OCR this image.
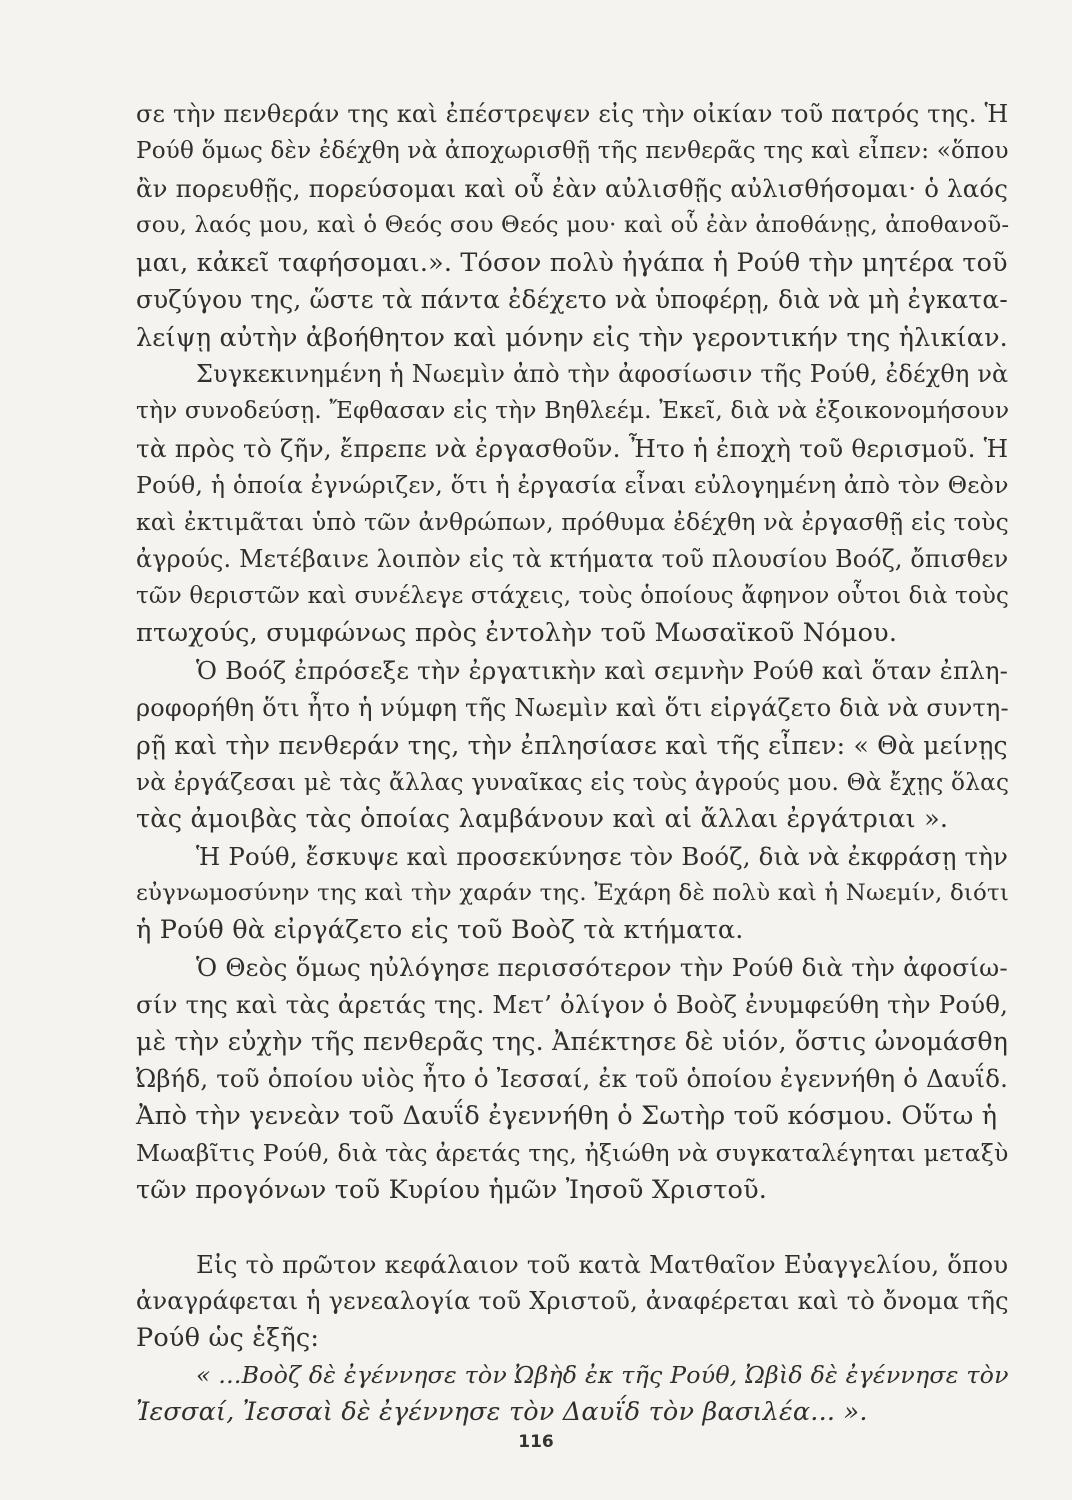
σε τὴν πενθεράν της καὶ ἐπέστρεψεν εἰς τὴν οἰκίαν τοῦ πατρός της. Ἡ
Ρούθ ὅμως δὲν ἐδέχθη νὰ ἀποχωρισθῇ τῆς πενθερᾶς της καὶ εἶπεν: «ὅπου
ἂν πορευθῇς, πορεύσομαι καὶ οὗ ἐὰν αὐλισθῇς αὐλισθήσομαι· ὁ λαός
σου, λαός μου, καὶ ὁ Θεός σου Θεός μου· καὶ οὗ ἐὰν ἀποθάνῃς, ἀποθανοῦ-
μαι, κἀκεῖ ταφήσομαι.». Τόσον πολὺ ἠγάπα ἡ Ρούθ τὴν μητέρα τοῦ
συζύγου της, ὥστε τὰ πάντα ἐδέχετο νὰ ὑποφέρῃ, διὰ νὰ μὴ ἐγκατα-
λείψῃ αὐτὴν ἀβοήθητον καὶ μόνην εἰς τὴν γεροντικήν της ἡλικίαν.
Συγκεκινημένη ἡ Νωεμὶν ἀπὸ τὴν ἀφοσίωσιν τῆς Ρούθ, ἐδέχθη νὰ
τὴν συνοδεύσῃ. Ἔφθασαν εἰς τὴν Βηθλεέμ. Ἐκεῖ, διὰ νὰ ἐξοικονομήσουν
τὰ πρὸς τὸ ζῆν, ἔπρεπε νὰ ἐργασθοῦν. Ἦτο ἡ ἐποχὴ τοῦ θερισμοῦ. Ἡ
Ρούθ, ἡ ὁποία ἐγνώριζεν, ὅτι ἡ ἐργασία εἶναι εὐλογημένη ἀπὸ τὸν Θεὸν
καὶ ἐκτιμᾶται ὑπὸ τῶν ἀνθρώπων, πρόθυμα ἐδέχθη νὰ ἐργασθῇ εἰς τοὺς
ἀγρούς. Μετέβαινε λοιπὸν εἰς τὰ κτήματα τοῦ πλουσίου Βοόζ, ὄπισθεν
τῶν θεριστῶν καὶ συνέλεγε στάχεις, τοὺς ὁποίους ἄφηνον οὗτοι διὰ τοὺς
πτωχούς, συμφώνως πρὸς ἐντολὴν τοῦ Μωσαϊκοῦ Νόμου.
Ὁ Βοόζ ἐπρόσεξε τὴν ἐργατικὴν καὶ σεμνὴν Ρούθ καὶ ὅταν ἐπλη-
ροφορήθη ὅτι ἦτο ἡ νύμφη τῆς Νωεμὶν καὶ ὅτι εἰργάζετο διὰ νὰ συντη-
ρῇ καὶ τὴν πενθεράν της, τὴν ἐπλησίασε καὶ τῆς εἶπεν: « Θὰ μείνῃς
νὰ ἐργάζεσαι μὲ τὰς ἄλλας γυναῖκας εἰς τοὺς ἀγρούς μου. Θὰ ἔχῃς ὅλας
τὰς ἀμοιβὰς τὰς ὁποίας λαμβάνουν καὶ αἱ ἄλλαι ἐργάτριαι ».
Ἡ Ρούθ, ἔσκυψε καὶ προσεκύνησε τὸν Βοόζ, διὰ νὰ ἐκφράσῃ τὴν
εὐγνωμοσύνην της καὶ τὴν χαράν της. Ἐχάρη δὲ πολὺ καὶ ἡ Νωεμίν, διότι
ἡ Ρούθ θὰ εἰργάζετο εἰς τοῦ Βοὸζ τὰ κτήματα.
Ὁ Θεὸς ὅμως ηὐλόγησε περισσότερον τὴν Ρούθ διὰ τὴν ἀφοσίω-
σίν της καὶ τὰς ἀρετάς της. Μετ’ ὀλίγον ὁ Βοὸζ ἐνυμφεύθη τὴν Ρούθ,
μὲ τὴν εὐχὴν τῆς πενθερᾶς της. Ἀπέκτησε δὲ υἱόν, ὅστις ὠνομάσθη
Ὠβήδ, τοῦ ὁποίου υἱὸς ἦτο ὁ Ἰεσσαί, ἐκ τοῦ ὁποίου ἐγεννήθη ὁ Δαυΐδ.
Ἀπὸ τὴν γενεὰν τοῦ Δαυΐδ ἐγεννήθη ὁ Σωτὴρ τοῦ κόσμου. Οὕτω ἡ
Μωαβῖτις Ρούθ, διὰ τὰς ἀρετάς της, ἠξιώθη νὰ συγκαταλέγηται μεταξὺ
τῶν προγόνων τοῦ Κυρίου ἡμῶν Ἰησοῦ Χριστοῦ.
Εἰς τὸ πρῶτον κεφάλαιον τοῦ κατὰ Ματθαῖον Εὐαγγελίου, ὅπου
ἀναγράφεται ἡ γενεαλογία τοῦ Χριστοῦ, ἀναφέρεται καὶ τὸ ὄνομα τῆς
Ρούθ ὡς ἑξῆς:
« ...Βοὸζ δὲ ἐγέννησε τὸν Ὠβὴδ ἐκ τῆς Ρούθ, Ὠβὶδ δὲ ἐγέννησε τὸν
Ἰεσσαί, Ἰεσσαὶ δὲ ἐγέννησε τὸν Δαυΐδ τὸν βασιλέα... ».
116
